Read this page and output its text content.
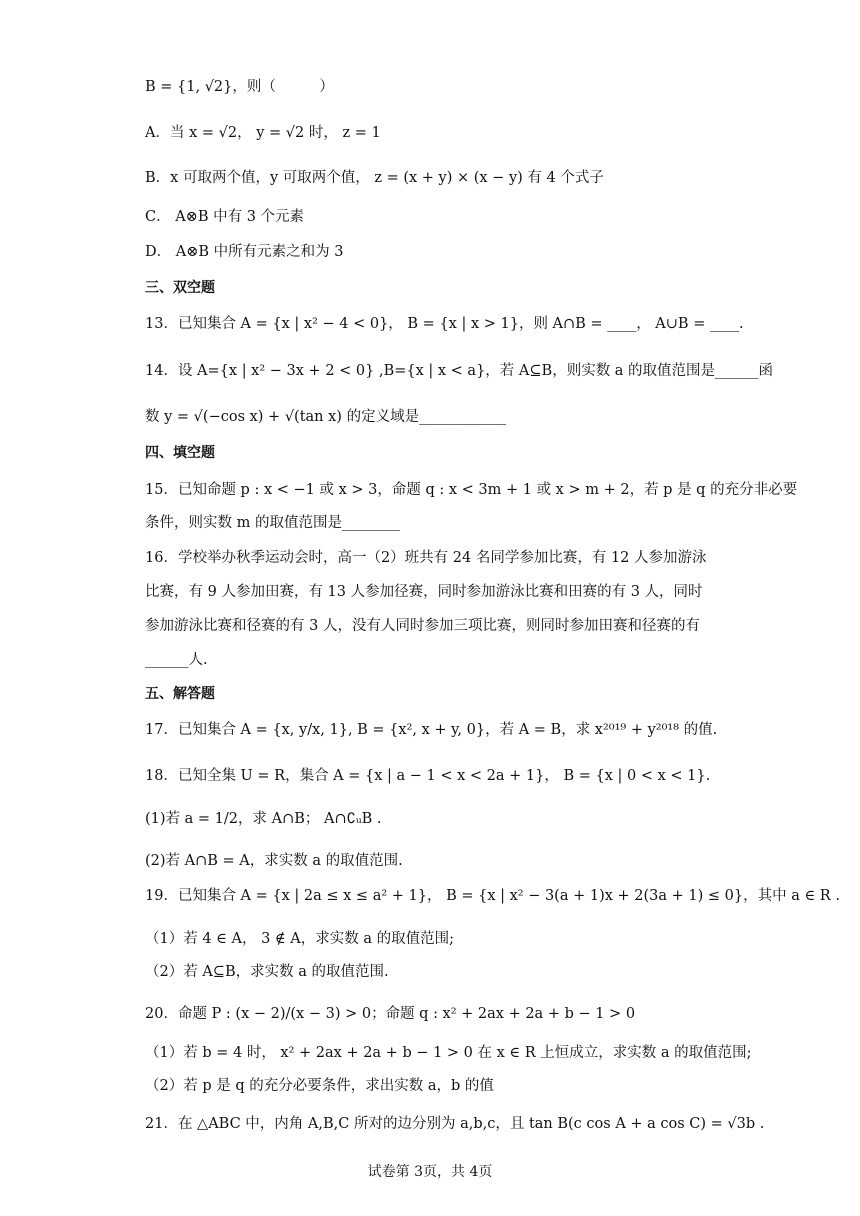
B = {1, √2}，则（　　　）
A．当 x = √2， y = √2 时， z = 1
B．x 可取两个值，y 可取两个值， z = (x + y) × (x − y) 有 4 个式子
C． A⊗B 中有 3 个元素
D． A⊗B 中所有元素之和为 3
三、双空题
13．已知集合 A = {x | x² − 4 < 0}， B = {x | x > 1}，则 A∩B = ____， A∪B = ____.
14．设 A={x | x² − 3x + 2 < 0} ,B={x | x < a}，若 A⊆B，则实数 a 的取值范围是______函
数 y = √(−cos x) + √(tan x) 的定义域是____________
四、填空题
15．已知命题 p : x < −1 或 x > 3，命题 q : x < 3m + 1 或 x > m + 2，若 p 是 q 的充分非必要
条件，则实数 m 的取值范围是________
16．学校举办秋季运动会时，高一（2）班共有 24 名同学参加比赛，有 12 人参加游泳
比赛，有 9 人参加田赛，有 13 人参加径赛，同时参加游泳比赛和田赛的有 3 人，同时
参加游泳比赛和径赛的有 3 人，没有人同时参加三项比赛，则同时参加田赛和径赛的有
______人.
五、解答题
17．已知集合 A = {x, y/x, 1}, B = {x², x + y, 0}，若 A = B，求 x²⁰¹⁹ + y²⁰¹⁸ 的值.
18．已知全集 U = R，集合 A = {x | a − 1 < x < 2a + 1}， B = {x | 0 < x < 1}.
(1)若 a = 1/2，求 A∩B； A∩∁ᵤB .
(2)若 A∩B = A，求实数 a 的取值范围.
19．已知集合 A = {x | 2a ≤ x ≤ a² + 1}， B = {x | x² − 3(a + 1)x + 2(3a + 1) ≤ 0}，其中 a ∈ R .
（1）若 4 ∈ A， 3 ∉ A，求实数 a 的取值范围;
（2）若 A⊆B，求实数 a 的取值范围.
20．命题 P : (x − 2)/(x − 3) > 0；命题 q : x² + 2ax + 2a + b − 1 > 0
（1）若 b = 4 时， x² + 2ax + 2a + b − 1 > 0 在 x ∈ R 上恒成立，求实数 a 的取值范围;
（2）若 p 是 q 的充分必要条件，求出实数 a，b 的值
21．在 △ABC 中，内角 A,B,C 所对的边分别为 a,b,c，且 tan B(c cos A + a cos C) = √3b .
试卷第 3页，共 4页
